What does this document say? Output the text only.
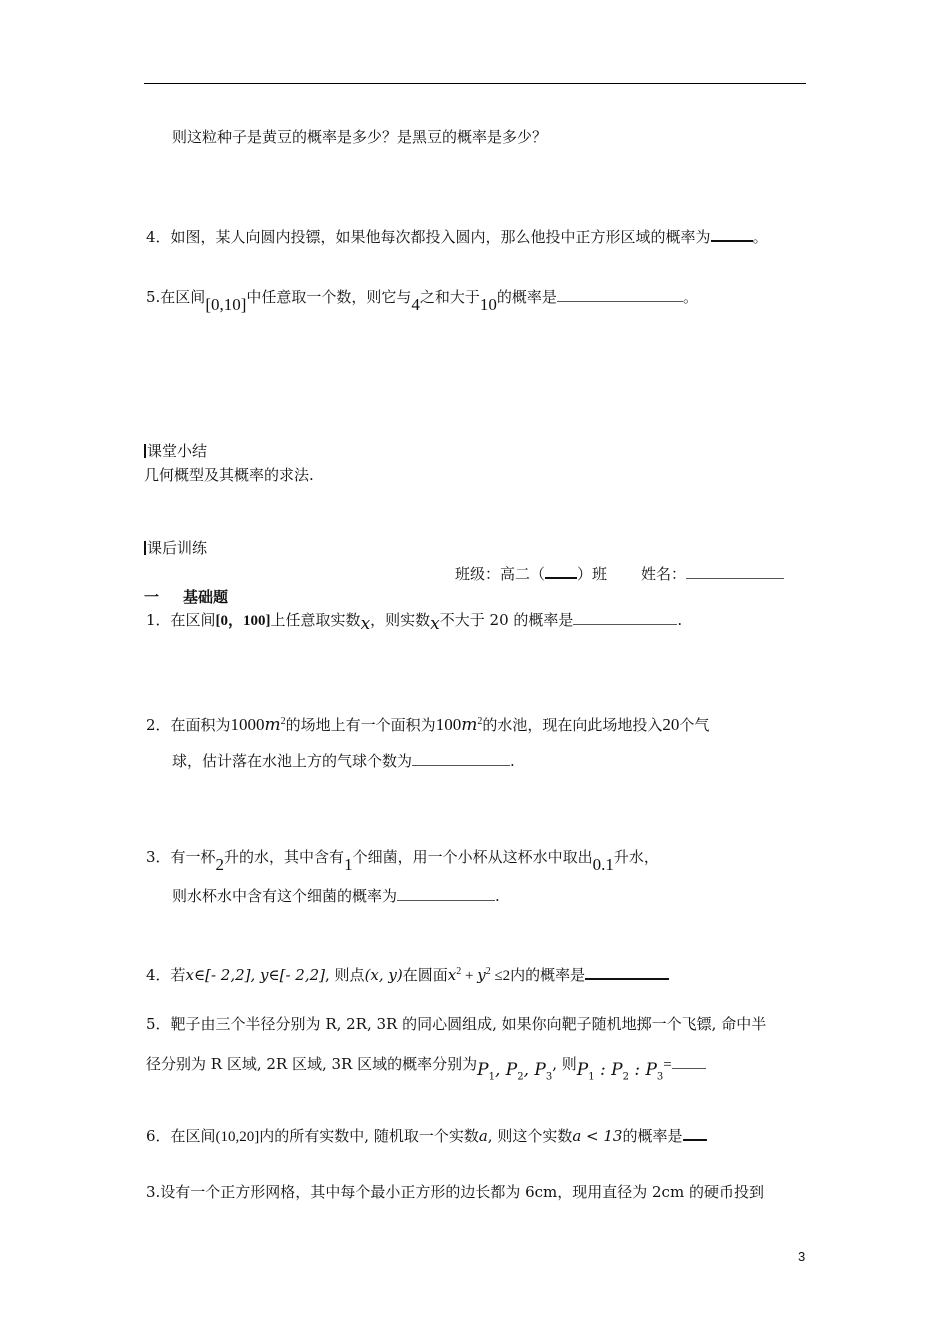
则这粒种子是黄豆的概率是多少？是黑豆的概率是多少？
4．如图，某人向圆内投镖，如果他每次都投入圆内，那么他投中正方形区域的概率为	。
5.在区间[0,10]中任意取一个数，则它与4之和大于10的概率是	。
课堂小结
几何概型及其概率的求法.
课后训练
班级：高二（ ）班 姓名：
一 基础题
1．在区间[0，100]上任意取实数x，则实数x不大于 20 的概率是	.
2．在面积为$1000m^2$的场地上有一个面积为$100m^2$的水池，现在向此场地投入20个气
球，估计落在水池上方的气球个数为	.
3．有一杯2升的水，其中含有1个细菌，用一个小杯从这杯水中取出0.1升水，
则水杯水中含有这个细菌的概率为	.
4．若x∈[- 2,2], y∈[- 2,2], 则点(x, y)在圆面$x^2 + y^2 \le 2$内的概率是
5．靶子由三个半径分别为 R, 2R, 3R 的同心圆组成, 如果你向靶子随机地掷一个飞镖, 命中半
径分别为 R 区域, 2R 区域, 3R 区域的概率分别为$P_1$, $P_2$, $P_3$, 则$P_1$ : $P_2$ : $P_3=$
6．在区间(10,20]内的所有实数中, 随机取一个实数a, 则这个实数a < 13的概率是
3.设有一个正方形网格，其中每个最小正方形的边长都为 6cm，现用直径为 2cm 的硬币投到
3
